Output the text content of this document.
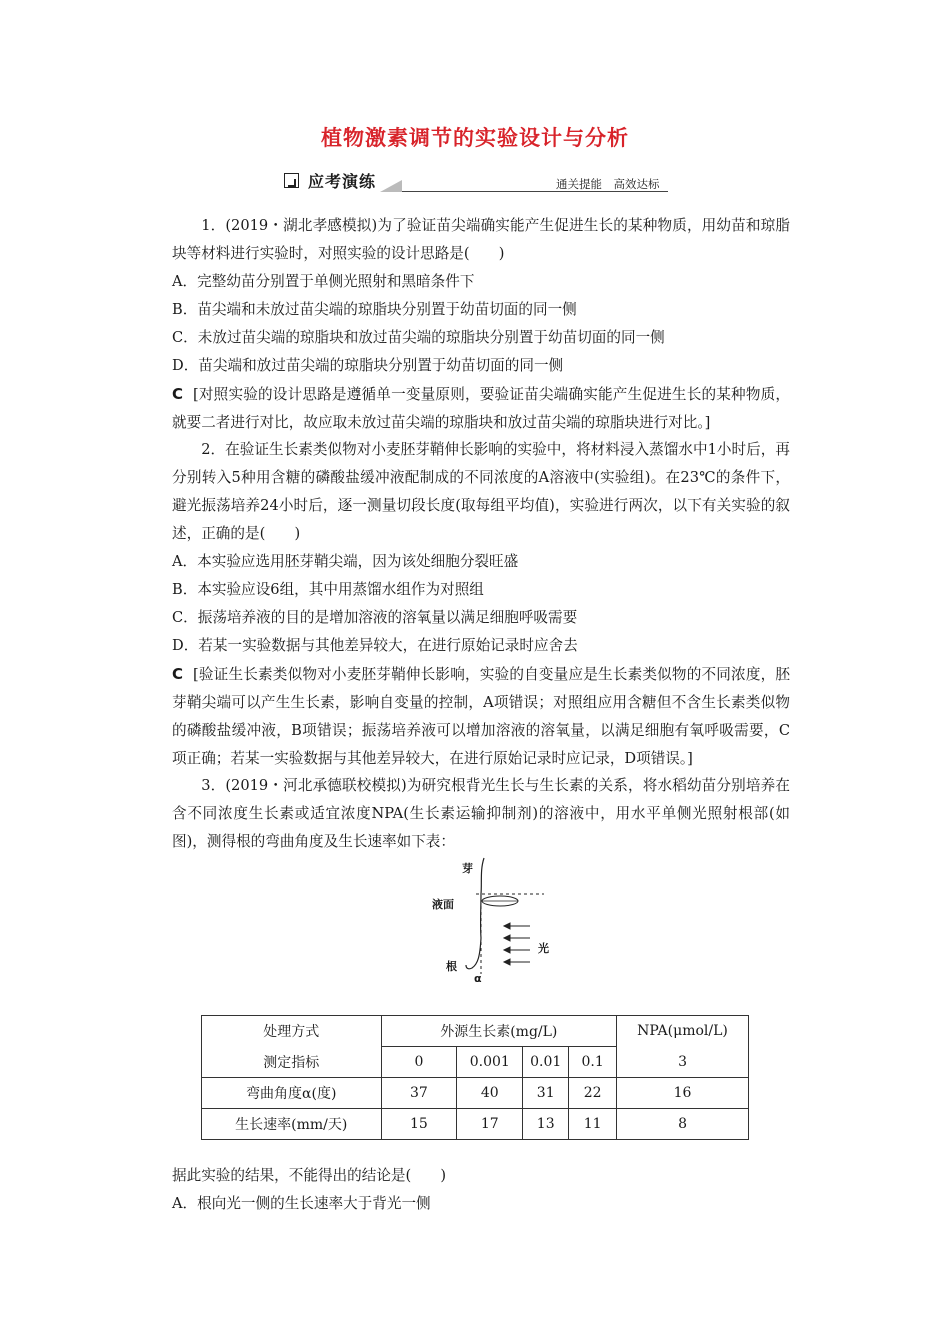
植物激素调节的实验设计与分析
应考演练	通关提能　高效达标

1．(2019・湖北孝感模拟)为了验证苗尖端确实能产生促进生长的某种物质，用幼苗和琼脂块等材料进行实验时，对照实验的设计思路是(　　)

A．完整幼苗分别置于单侧光照射和黑暗条件下
B．苗尖端和未放过苗尖端的琼脂块分别置于幼苗切面的同一侧
C．未放过苗尖端的琼脂块和放过苗尖端的琼脂块分别置于幼苗切面的同一侧
D．苗尖端和放过苗尖端的琼脂块分别置于幼苗切面的同一侧

C [对照实验的设计思路是遵循单一变量原则，要验证苗尖端确实能产生促进生长的某种物质，就要二者进行对比，故应取未放过苗尖端的琼脂块和放过苗尖端的琼脂块进行对比。]

2．在验证生长素类似物对小麦胚芽鞘伸长影响的实验中，将材料浸入蒸馏水中1小时后，再分别转入5种用含糖的磷酸盐缓冲液配制成的不同浓度的A溶液中(实验组)。在23℃的条件下，避光振荡培养24小时后，逐一测量切段长度(取每组平均值)，实验进行两次，以下有关实验的叙述，正确的是(　　)

A．本实验应选用胚芽鞘尖端，因为该处细胞分裂旺盛
B．本实验应设6组，其中用蒸馏水组作为对照组
C．振荡培养液的目的是增加溶液的溶氧量以满足细胞呼吸需要
D．若某一实验数据与其他差异较大，在进行原始记录时应舍去

C [验证生长素类似物对小麦胚芽鞘伸长影响，实验的自变量应是生长素类似物的不同浓度，胚芽鞘尖端可以产生生长素，影响自变量的控制，A项错误；对照组应用含糖但不含生长素类似物的磷酸盐缓冲液，B项错误；振荡培养液可以增加溶液的溶氧量，以满足细胞有氧呼吸需要，C项正确；若某一实验数据与其他差异较大，在进行原始记录时应记录，D项错误。]

3．(2019・河北承德联校模拟)为研究根背光生长与生长素的关系，将水稻幼苗分别培养在含不同浓度生长素或适宜浓度NPA(生长素运输抑制剂)的溶液中，用水平单侧光照射根部(如图)，测得根的弯曲角度及生长速率如下表：

芽
液面
光
根
α
处理方式	外源生长素(mg/L)				NPA(μmol/L)
测定指标	0	0.001	0.01	0.1	3
弯曲角度α(度)	37	40	31	22	16
生长速率(mm/天)	15	17	13	11	8
据此实验的结果，不能得出的结论是(　　)
A．根向光一侧的生长速率大于背光一侧
